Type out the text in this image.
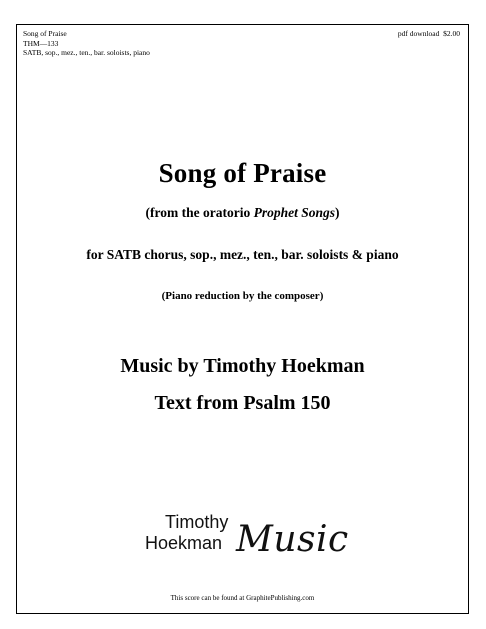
Song of Praise
THM—133
SATB, sop., mez., ten., bar. soloists, piano
pdf download  $2.00
Song of Praise
(from the oratorio Prophet Songs)
for SATB chorus, sop., mez., ten., bar. soloists & piano
(Piano reduction by the composer)
Music by Timothy Hoekman
Text from Psalm 150
Timothy
Hoekman Music
This score can be found at GraphitePublishing.com
